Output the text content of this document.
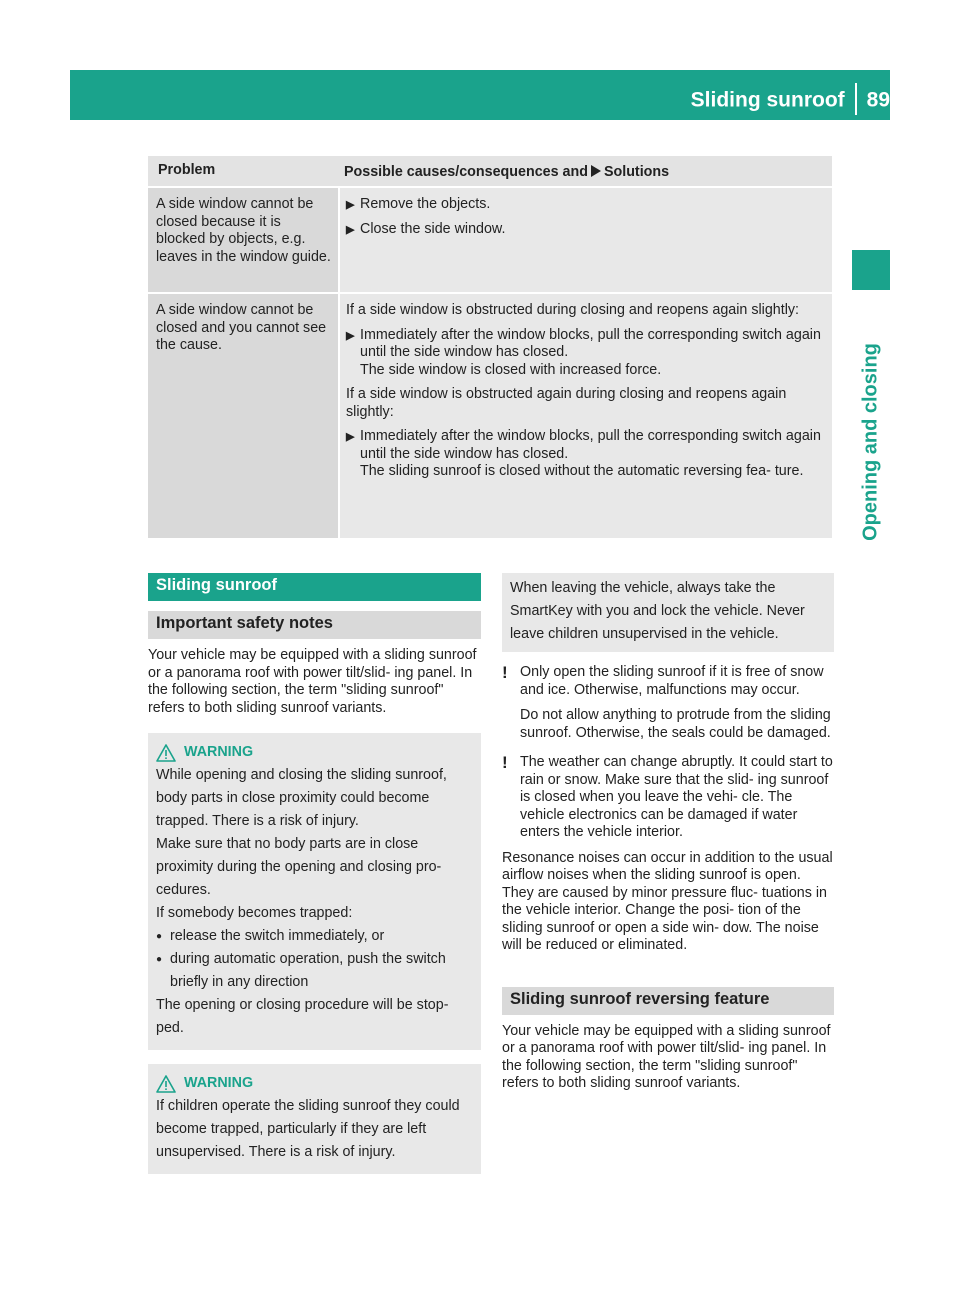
Sliding sunroof 89
Opening and closing
Problem	Possible causes/consequences and Solutions
A side window cannot be closed because it is blocked by objects, e.g. leaves in the window guide.
▶ Remove the objects.
▶ Close the side window.
A side window cannot be closed and you cannot see the cause.
If a side window is obstructed during closing and reopens again slightly:
▶ Immediately after the window blocks, pull the corresponding switch again until the side window has closed.
The side window is closed with increased force.
If a side window is obstructed again during closing and reopens again slightly:
▶ Immediately after the window blocks, pull the corresponding switch again until the side window has closed.
The sliding sunroof is closed without the automatic reversing fea- ture.
Sliding sunroof
Important safety notes
Your vehicle may be equipped with a sliding sunroof or a panorama roof with power tilt/slid- ing panel. In the following section, the term "sliding sunroof" refers to both sliding sunroof variants.
WARNING
While opening and closing the sliding sunroof, body parts in close proximity could become trapped. There is a risk of injury.
Make sure that no body parts are in close proximity during the opening and closing pro- cedures.
If somebody becomes trapped:
● release the switch immediately, or
● during automatic operation, push the switch briefly in any direction
The opening or closing procedure will be stop- ped.
WARNING
If children operate the sliding sunroof they could become trapped, particularly if they are left unsupervised. There is a risk of injury.
When leaving the vehicle, always take the SmartKey with you and lock the vehicle. Never leave children unsupervised in the vehicle.
! Only open the sliding sunroof if it is free of snow and ice. Otherwise, malfunctions may occur.

Do not allow anything to protrude from the sliding sunroof. Otherwise, the seals could be damaged.

! The weather can change abruptly. It could start to rain or snow. Make sure that the slid- ing sunroof is closed when you leave the vehi- cle. The vehicle electronics can be damaged if water enters the vehicle interior.

Resonance noises can occur in addition to the usual airflow noises when the sliding sunroof is open. They are caused by minor pressure fluc- tuations in the vehicle interior. Change the posi- tion of the sliding sunroof or open a side win- dow. The noise will be reduced or eliminated.
Sliding sunroof reversing feature
Your vehicle may be equipped with a sliding sunroof or a panorama roof with power tilt/slid- ing panel. In the following section, the term "sliding sunroof" refers to both sliding sunroof variants.
